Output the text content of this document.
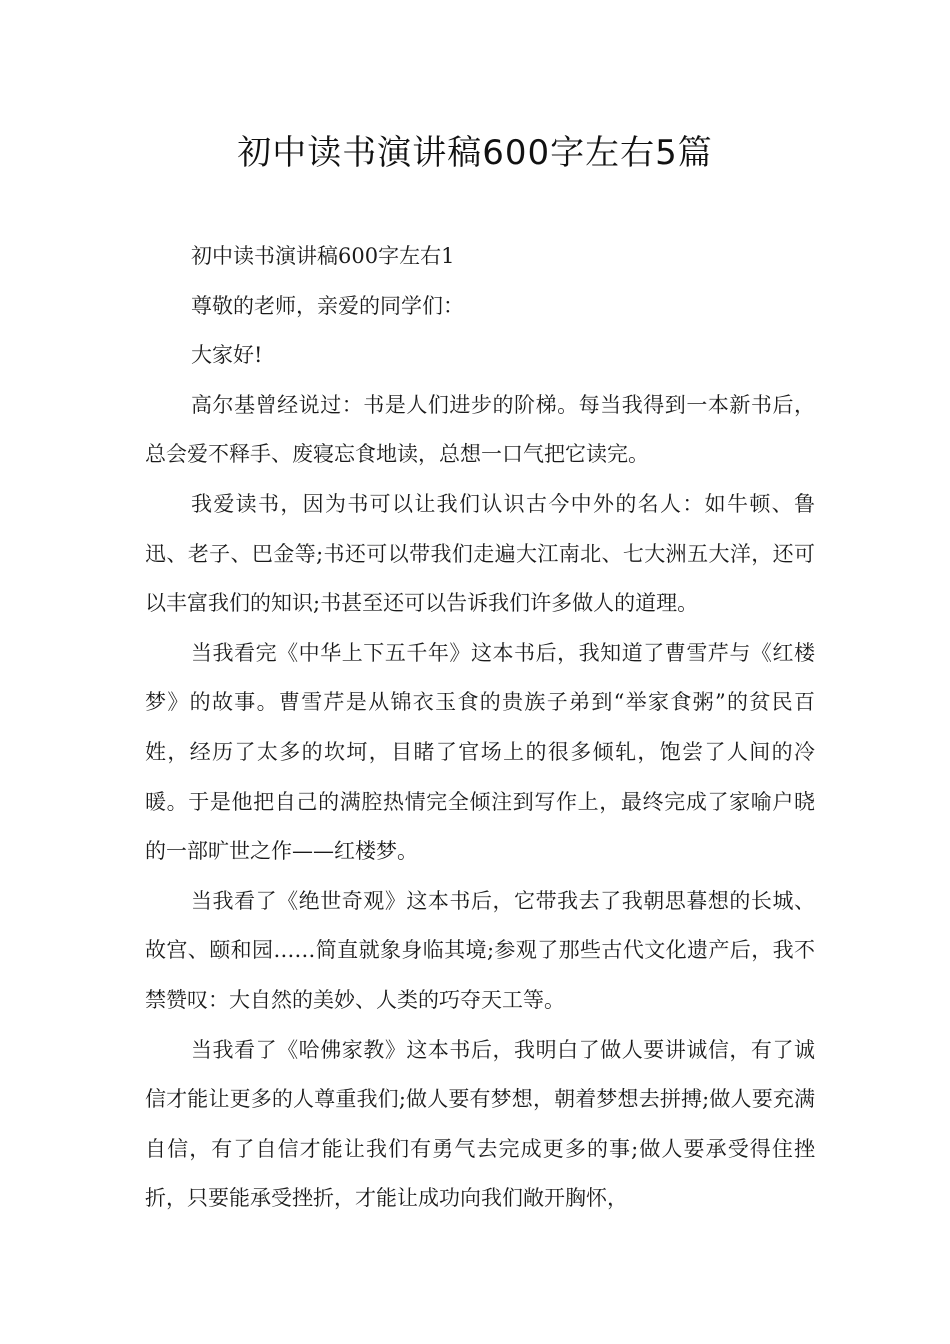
初中读书演讲稿600字左右5篇

初中读书演讲稿600字左右1

尊敬的老师，亲爱的同学们：

大家好!

高尔基曾经说过：书是人们进步的阶梯。每当我得到一本新书后，总会爱不释手、废寝忘食地读，总想一口气把它读完。

我爱读书，因为书可以让我们认识古今中外的名人：如牛顿、鲁迅、老子、巴金等;书还可以带我们走遍大江南北、七大洲五大洋，还可以丰富我们的知识;书甚至还可以告诉我们许多做人的道理。

当我看完《中华上下五千年》这本书后，我知道了曹雪芹与《红楼梦》的故事。曹雪芹是从锦衣玉食的贵族子弟到“举家食粥”的贫民百姓，经历了太多的坎坷，目睹了官场上的很多倾轧，饱尝了人间的冷暖。于是他把自己的满腔热情完全倾注到写作上，最终完成了家喻户晓的一部旷世之作——红楼梦。

当我看了《绝世奇观》这本书后，它带我去了我朝思暮想的长城、故宫、颐和园……简直就象身临其境;参观了那些古代文化遗产后，我不禁赞叹：大自然的美妙、人类的巧夺天工等。

当我看了《哈佛家教》这本书后，我明白了做人要讲诚信，有了诚信才能让更多的人尊重我们;做人要有梦想，朝着梦想去拼搏;做人要充满自信，有了自信才能让我们有勇气去完成更多的事;做人要承受得住挫折，只要能承受挫折，才能让成功向我们敞开胸怀，
